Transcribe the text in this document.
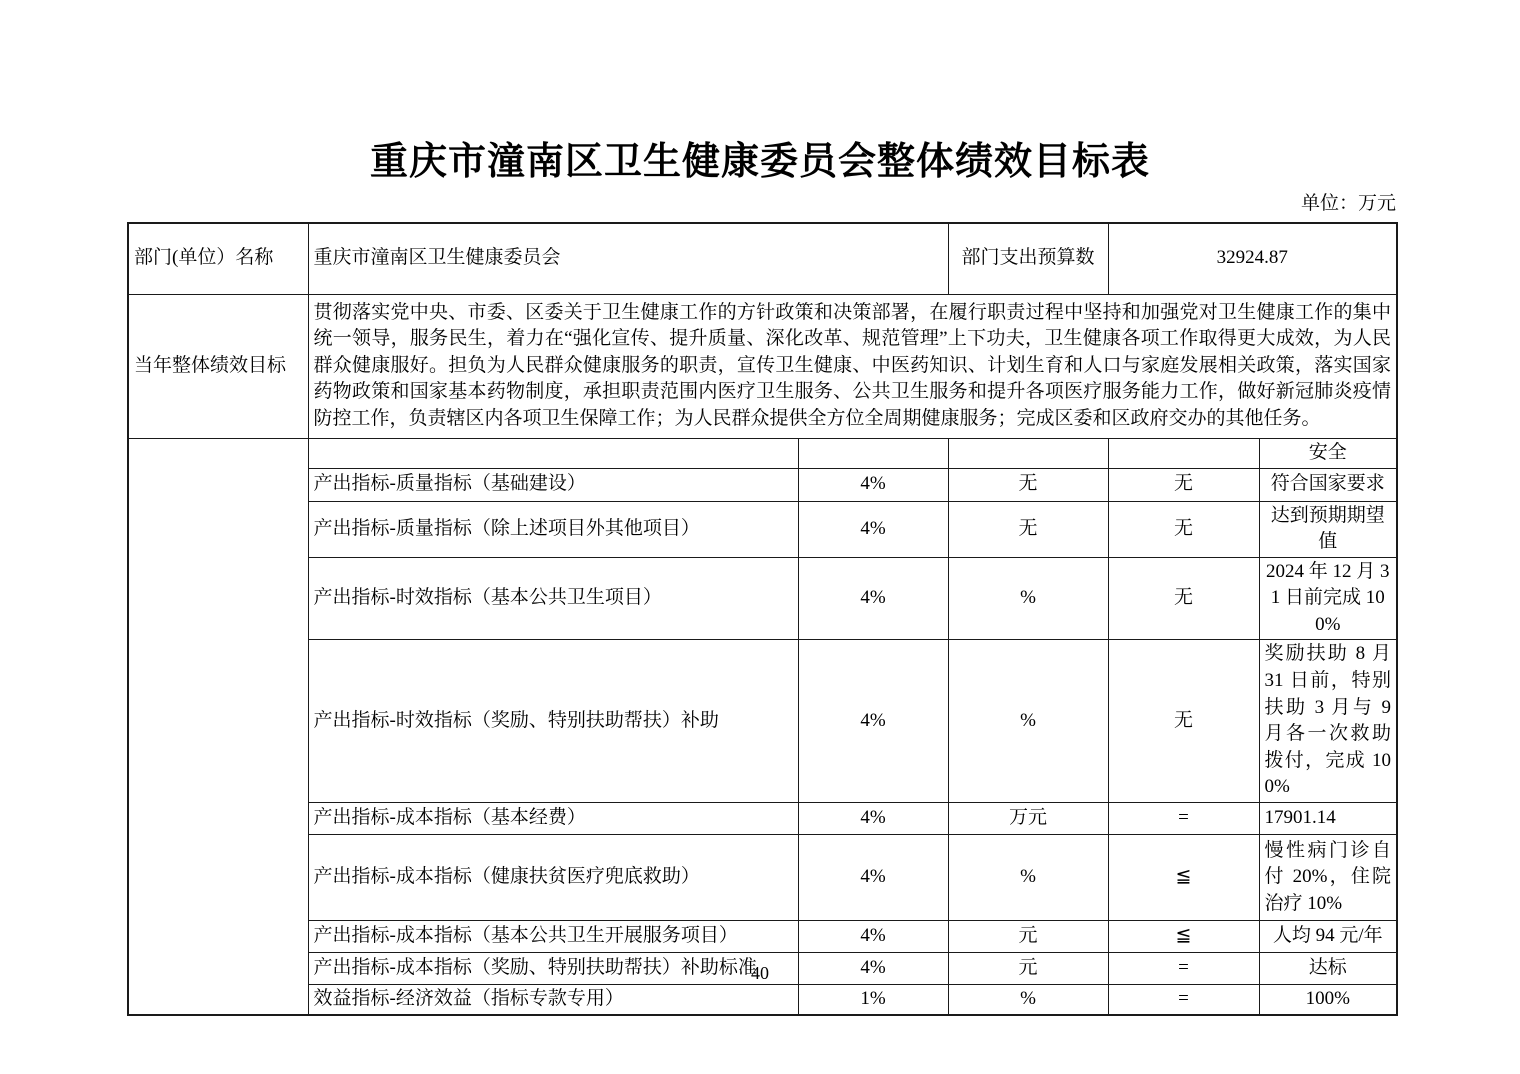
重庆市潼南区卫生健康委员会整体绩效目标表
单位：万元
部门(单位）名称	重庆市潼南区卫生健康委员会		部门支出预算数	32924.87	
当年整体绩效目标	贯彻落实党中央、市委、区委关于卫生健康工作的方针政策和决策部署，在履行职责过程中坚持和加强党对卫生健康工作的集中统一领导，服务民生，着力在“强化宣传、提升质量、深化改革、规范管理”上下功夫，卫生健康各项工作取得更大成效，为人民群众健康服好。担负为人民群众健康服务的职责，宣传卫生健康、中医药知识、计划生育和人口与家庭发展相关政策，落实国家药物政策和国家基本药物制度，承担职责范围内医疗卫生服务、公共卫生服务和提升各项医疗服务能力工作，做好新冠肺炎疫情防控工作，负责辖区内各项卫生保障工作；为人民群众提供全方位全周期健康服务；完成区委和区政府交办的其他任务。				
					安全
	产出指标-质量指标（基础建设）	4%	无	无	符合国家要求
	产出指标-质量指标（除上述项目外其他项目）	4%	无	无	达到预期期望值
	产出指标-时效指标（基本公共卫生项目）	4%	%	无	2024 年 12 月 31 日前完成 100%
	产出指标-时效指标（奖励、特别扶助帮扶）补助	4%	%	无	奖励扶助 8 月 31 日前，特别扶助 3 月与 9 月各一次救助拨付，完成 100%
	产出指标-成本指标（基本经费）	4%	万元	=	17901.14
	产出指标-成本指标（健康扶贫医疗兜底救助）	4%	%	≦	慢性病门诊自付 20%，住院治疗 10%
	产出指标-成本指标（基本公共卫生开展服务项目）	4%	元	≦	人均 94 元/年
	产出指标-成本指标（奖励、特别扶助帮扶）补助标准	4%	元	=	达标
	效益指标-经济效益（指标专款专用）	1%	%	=	100%
40
